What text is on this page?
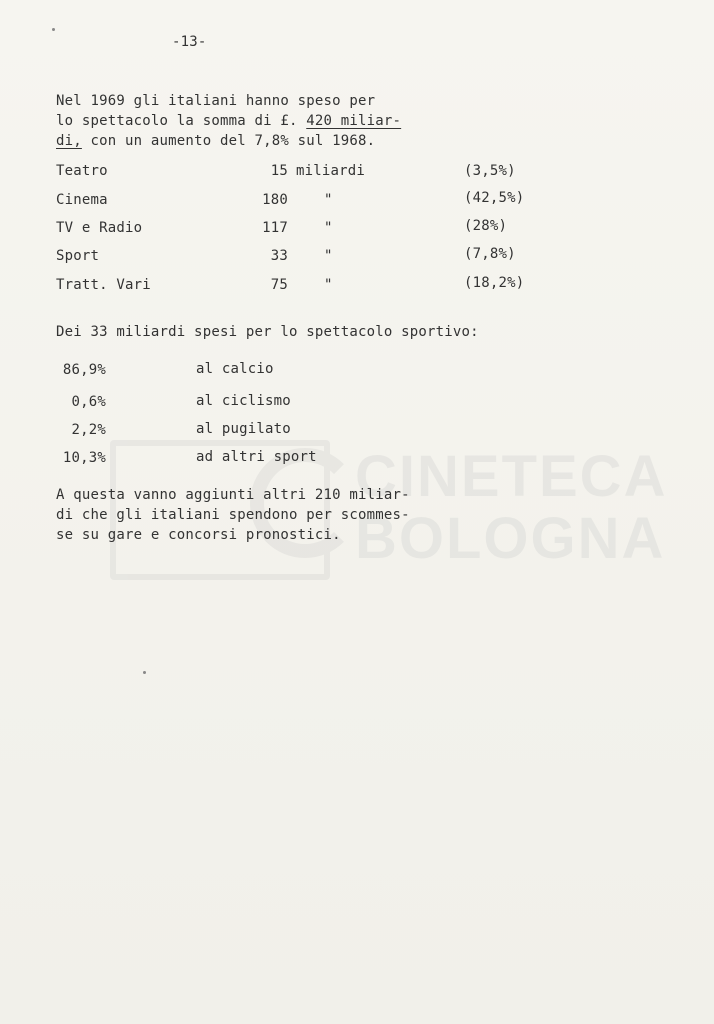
CINETECA
BOLOGNA
-13-
Nel 1969 gli italiani hanno speso per
lo spettacolo la somma di £. 420 miliar-
di, con un aumento del 7,8% sul 1968.
Teatro	15 miliardi	(3,5%)
Cinema	180	"	(42,5%)
TV e Radio	117	"	(28%)
Sport	33	"	(7,8%)
Tratt. Vari	75	"	(18,2%)
Dei 33 miliardi spesi per lo spettacolo sportivo:
86,9%	al calcio
0,6%	al ciclismo
2,2%	al pugilato
10,3%	ad altri sport
A questa vanno aggiunti altri 210 miliar-
di che gli italiani spendono per scommes-
se su gare e concorsi pronostici.
